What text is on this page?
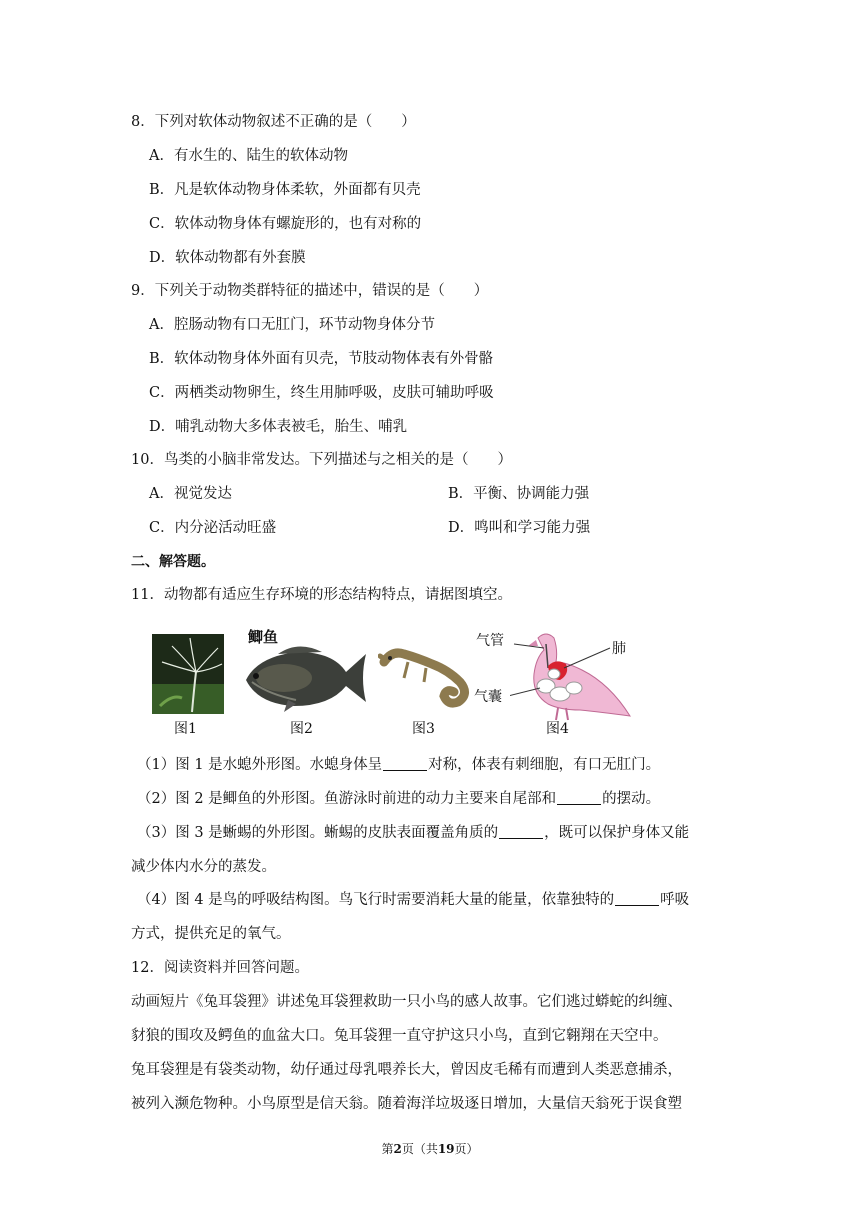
8．下列对软体动物叙述不正确的是（　　）
A．有水生的、陆生的软体动物
B．凡是软体动物身体柔软，外面都有贝壳
C．软体动物身体有螺旋形的，也有对称的
D．软体动物都有外套膜
9．下列关于动物类群特征的描述中，错误的是（　　）
A．腔肠动物有口无肛门，环节动物身体分节
B．软体动物身体外面有贝壳，节肢动物体表有外骨骼
C．两栖类动物卵生，终生用肺呼吸，皮肤可辅助呼吸
D．哺乳动物大多体表被毛，胎生、哺乳
10．鸟类的小脑非常发达。下列描述与之相关的是（　　）
A．视觉发达	B．平衡、协调能力强
C．内分泌活动旺盛	D．鸣叫和学习能力强
二、解答题。
11．动物都有适应生存环境的形态结构特点，请据图填空。
鲫鱼	气管	肺
气囊
图1	图2	图3	图4
（1）图 1 是水螅外形图。水螅身体呈	对称，体表有刺细胞，有口无肛门。
（2）图 2 是鲫鱼的外形图。鱼游泳时前进的动力主要来自尾部和	的摆动。
（3）图 3 是蜥蜴的外形图。蜥蜴的皮肤表面覆盖角质的	，既可以保护身体又能
减少体内水分的蒸发。
（4）图 4 是鸟的呼吸结构图。鸟飞行时需要消耗大量的能量，依靠独特的	呼吸
方式，提供充足的氧气。
12．阅读资料并回答问题。
动画短片《兔耳袋狸》讲述兔耳袋狸救助一只小鸟的感人故事。它们逃过蟒蛇的纠缠、
豺狼的围攻及鳄鱼的血盆大口。兔耳袋狸一直守护这只小鸟，直到它翱翔在天空中。
兔耳袋狸是有袋类动物，幼仔通过母乳喂养长大，曾因皮毛稀有而遭到人类恶意捕杀，
被列入濒危物种。小鸟原型是信天翁。随着海洋垃圾逐日增加，大量信天翁死于误食塑
第2页（共19页）
